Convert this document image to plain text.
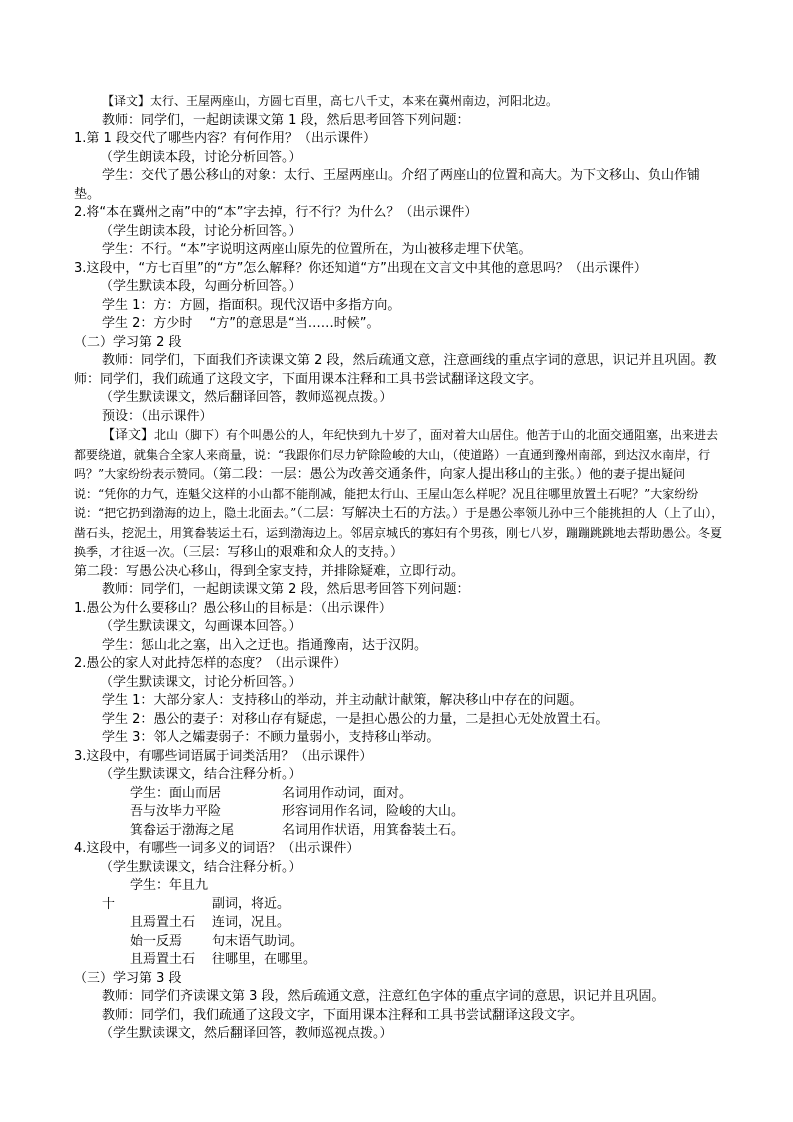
【译文】太行、王屋两座山，方圆七百里，高七八千丈，本来在冀州南边，河阳北边。

教师：同学们，一起朗读课文第 1 段，然后思考回答下列问题：

1.第 1 段交代了哪些内容？有何作用？（出示课件）

（学生朗读本段，讨论分析回答。）

学生：交代了愚公移山的对象：太行、王屋两座山。介绍了两座山的位置和高大。为下文移山、负山作铺垫。

2.将“本在冀州之南”中的“本”字去掉，行不行？为什么？（出示课件）

（学生朗读本段，讨论分析回答。）

学生：不行。“本”字说明这两座山原先的位置所在，为山被移走埋下伏笔。

3.这段中，“方七百里”的“方”怎么解释？你还知道“方”出现在文言文中其他的意思吗？（出示课件）

（学生默读本段，勾画分析回答。）

学生 1：方：方圆，指面积。现代汉语中多指方向。

学生 2：方少时　 “方”的意思是“当……时候”。

（二）学习第 2 段

教师：同学们，下面我们齐读课文第 2 段，然后疏通文意，注意画线的重点字词的意思，识记并且巩固。教师：同学们，我们疏通了这段文字，下面用课本注释和工具书尝试翻译这段文字。

（学生默读课文，然后翻译回答，教师巡视点拨。）

预设：（出示课件）

【译文】北山（脚下）有个叫愚公的人，年纪快到九十岁了，面对着大山居住。他苦于山的北面交通阻塞，出来进去都要绕道，就集合全家人来商量，说：“我跟你们尽力铲除险峻的大山，（使道路）一直通到豫州南部，到达汉水南岸，行吗？”大家纷纷表示赞同。（第二段：一层：愚公为改善交通条件，向家人提出移山的主张。）他的妻子提出疑问说：“凭你的力气，连魁父这样的小山都不能削减，能把太行山、王屋山怎么样呢？况且往哪里放置土石呢？”大家纷纷说：“把它扔到渤海的边上，隐土北面去。”（二层：写解决土石的方法。）于是愚公率领儿孙中三个能挑担的人（上了山），凿石头，挖泥土，用箕畚装运土石，运到渤海边上。邻居京城氏的寡妇有个男孩，刚七八岁，蹦蹦跳跳地去帮助愚公。冬夏换季，才往返一次。（三层：写移山的艰难和众人的支持。）

第二段：写愚公决心移山，得到全家支持，并排除疑难，立即行动。

教师：同学们，一起朗读课文第 2 段，然后思考回答下列问题：

1.愚公为什么要移山？愚公移山的目标是：（出示课件）

（学生默读课文，勾画课本回答。）

学生：惩山北之塞，出入之迂也。指通豫南，达于汉阴。

2.愚公的家人对此持怎样的态度？（出示课件）

（学生默读课文，讨论分析回答。）

学生 1：大部分家人：支持移山的举动，并主动献计献策，解决移山中存在的问题。

学生 2：愚公的妻子：对移山存有疑虑，一是担心愚公的力量，二是担心无处放置土石。

学生 3：邻人之孀妻弱子：不顾力量弱小，支持移山举动。

3.这段中，有哪些词语属于词类活用？（出示课件）

（学生默读课文，结合注释分析。）

学生：面山而居	名词用作动词，面对。

吾与汝毕力平险	形容词用作名词，险峻的大山。

箕畚运于渤海之尾	名词用作状语，用箕畚装土石。

4.这段中，有哪些一词多义的词语？（出示课件）

（学生默读课文，结合注释分析。）

学生：年且九十	副词，将近。

且焉置土石 连词，况且。

始一反焉 句末语气助词。

且焉置土石 往哪里，在哪里。

（三）学习第 3 段

教师：同学们齐读课文第 3 段，然后疏通文意，注意红色字体的重点字词的意思，识记并且巩固。

教师：同学们，我们疏通了这段文字，下面用课本注释和工具书尝试翻译这段文字。

（学生默读课文，然后翻译回答，教师巡视点拨。）
